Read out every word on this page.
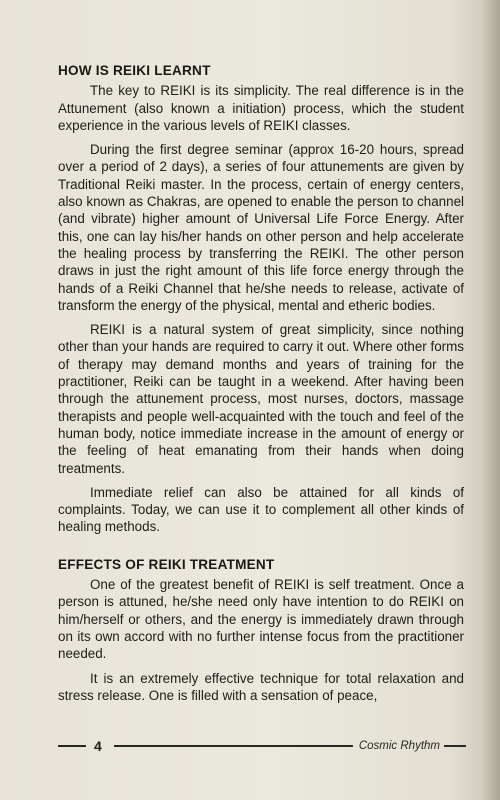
HOW IS REIKI LEARNT

The key to REIKI is its simplicity. The real difference is in the Attunement (also known a initiation) process, which the student experience in the various levels of REIKI classes.

During the first degree seminar (approx 16-20 hours, spread over a period of 2 days), a series of four attunements are given by Traditional Reiki master. In the process, certain of energy centers, also known as Chakras, are opened to enable the person to channel (and vibrate) higher amount of Universal Life Force Energy. After this, one can lay his/her hands on other person and help accelerate the healing process by transferring the REIKI. The other person draws in just the right amount of this life force energy through the hands of a Reiki Channel that he/she needs to release, activate of transform the energy of the physical, mental and etheric bodies.

REIKI is a natural system of great simplicity, since nothing other than your hands are required to carry it out. Where other forms of therapy may demand months and years of training for the practitioner, Reiki can be taught in a weekend. After having been through the attunement process, most nurses, doctors, massage therapists and people well-acquainted with the touch and feel of the human body, notice immediate increase in the amount of energy or the feeling of heat emanating from their hands when doing treatments.

Immediate relief can also be attained for all kinds of complaints. Today, we can use it to complement all other kinds of healing methods.

EFFECTS OF REIKI TREATMENT

One of the greatest benefit of REIKI is self treatment. Once a person is attuned, he/she need only have intention to do REIKI on him/herself or others, and the energy is immediately drawn through on its own accord with no further intense focus from the practitioner needed.

It is an extremely effective technique for total relaxation and stress release. One is filled with a sensation of peace,

4	Cosmic Rhythm
